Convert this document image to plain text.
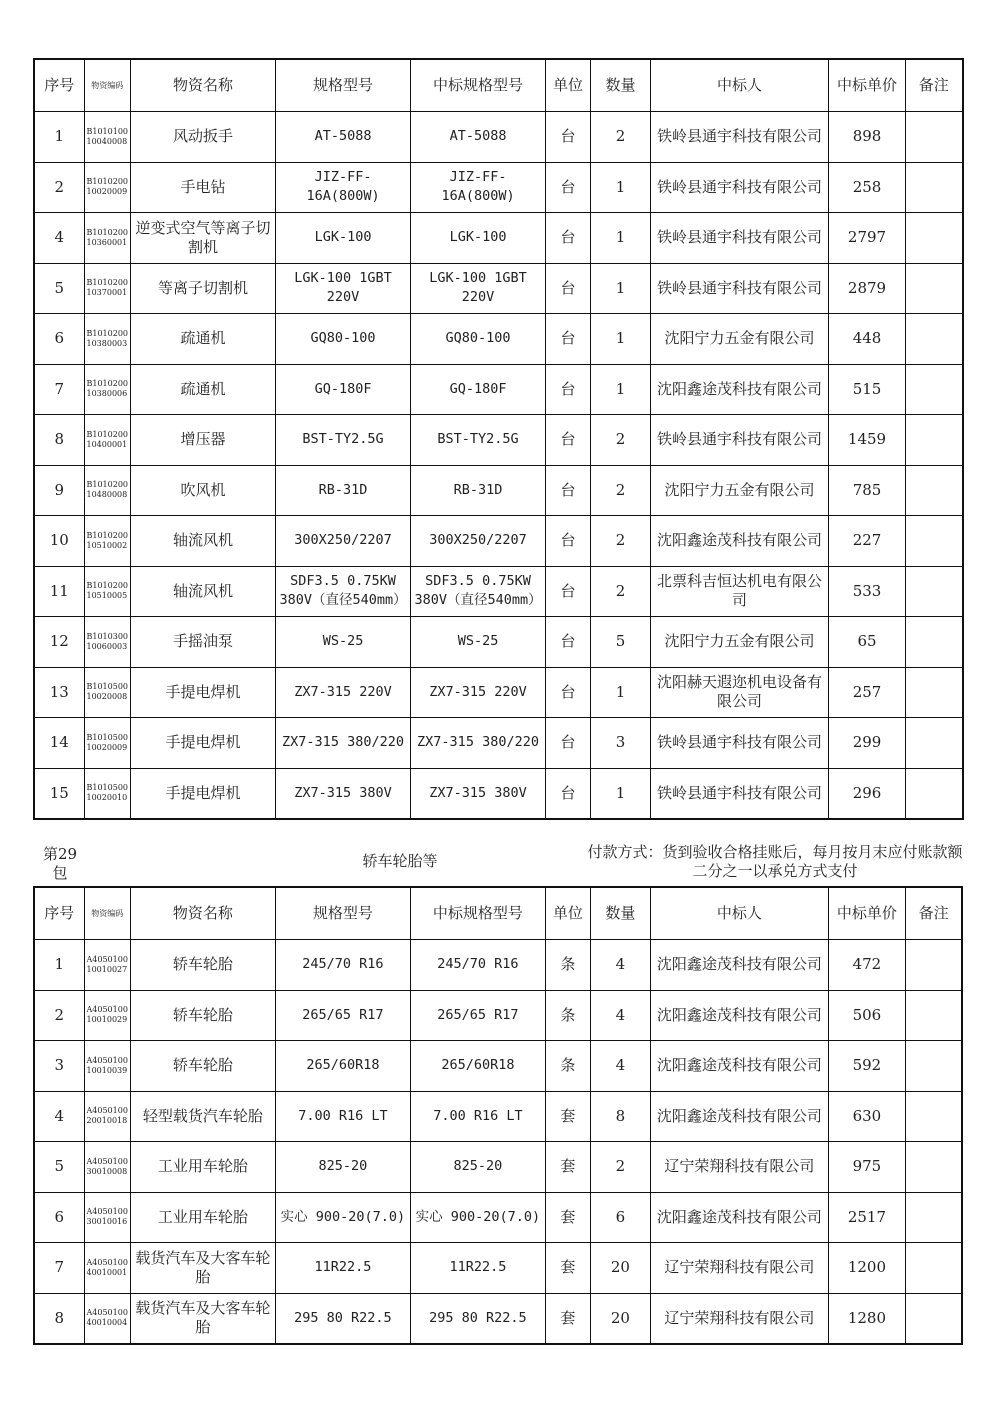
序号	物资编码	物资名称	规格型号	中标规格型号	单位	数量	中标人	中标单价	备注
1	B1010100 10040008	风动扳手	AT-5088	AT-5088	台	2	铁岭县通宇科技有限公司	898	
2	B1010200 10020009	手电钻	JIZ-FF-16A(800W)	JIZ-FF-16A(800W)	台	1	铁岭县通宇科技有限公司	258	
4	B1010200 10360001	逆变式空气等离子切割机	LGK-100	LGK-100	台	1	铁岭县通宇科技有限公司	2797	
5	B1010200 10370001	等离子切割机	LGK-100 1GBT 220V	LGK-100 1GBT 220V	台	1	铁岭县通宇科技有限公司	2879	
6	B1010200 10380003	疏通机	GQ80-100	GQ80-100	台	1	沈阳宁力五金有限公司	448	
7	B1010200 10380006	疏通机	GQ-180F	GQ-180F	台	1	沈阳鑫途茂科技有限公司	515	
8	B1010200 10400001	增压器	BST-TY2.5G	BST-TY2.5G	台	2	铁岭县通宇科技有限公司	1459	
9	B1010200 10480008	吹风机	RB-31D	RB-31D	台	2	沈阳宁力五金有限公司	785	
10	B1010200 10510002	轴流风机	300X250/2207	300X250/2207	台	2	沈阳鑫途茂科技有限公司	227	
11	B1010200 10510005	轴流风机	SDF3.5 0.75KW 380V（直径540mm）	SDF3.5 0.75KW 380V（直径540mm）	台	2	北票科吉恒达机电有限公司	533	
12	B1010300 10060003	手摇油泵	WS-25	WS-25	台	5	沈阳宁力五金有限公司	65	
13	B1010500 10020008	手提电焊机	ZX7-315 220V	ZX7-315 220V	台	1	沈阳赫天遐迩机电设备有限公司	257	
14	B1010500 10020009	手提电焊机	ZX7-315 380/220	ZX7-315 380/220	台	3	铁岭县通宇科技有限公司	299	
15	B1010500 10020010	手提电焊机	ZX7-315 380V	ZX7-315 380V	台	1	铁岭县通宇科技有限公司	296	
第29包
轿车轮胎等	付款方式：货到验收合格挂账后，每月按月末应付账款额二分之一以承兑方式支付
序号	物资编码	物资名称	规格型号	中标规格型号	单位	数量	中标人	中标单价	备注
1	A4050100 10010027	轿车轮胎	245/70 R16	245/70 R16	条	4	沈阳鑫途茂科技有限公司	472	
2	A4050100 10010029	轿车轮胎	265/65 R17	265/65 R17	条	4	沈阳鑫途茂科技有限公司	506	
3	A4050100 10010039	轿车轮胎	265/60R18	265/60R18	条	4	沈阳鑫途茂科技有限公司	592	
4	A4050100 20010018	轻型载货汽车轮胎	7.00 R16 LT	7.00 R16 LT	套	8	沈阳鑫途茂科技有限公司	630	
5	A4050100 30010008	工业用车轮胎	825-20	825-20	套	2	辽宁荣翔科技有限公司	975	
6	A4050100 30010016	工业用车轮胎	实心 900-20(7.0)	实心 900-20(7.0)	套	6	沈阳鑫途茂科技有限公司	2517	
7	A4050100 40010001	载货汽车及大客车轮胎	11R22.5	11R22.5	套	20	辽宁荣翔科技有限公司	1200	
8	A4050100 40010004	载货汽车及大客车轮胎	295 80 R22.5	295 80 R22.5	套	20	辽宁荣翔科技有限公司	1280	
